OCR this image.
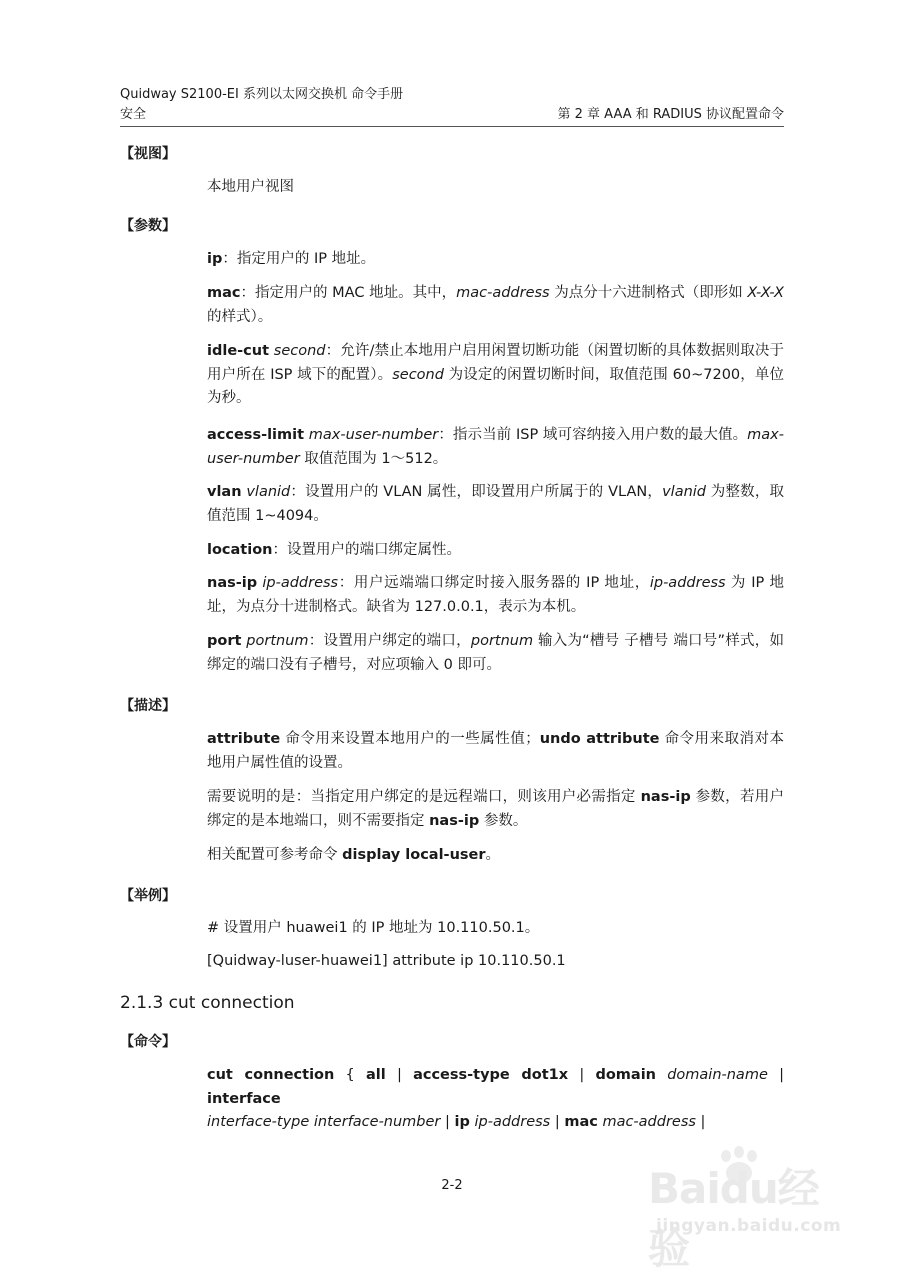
Quidway S2100-EI 系列以太网交换机 命令手册
安全	第 2 章 AAA 和 RADIUS 协议配置命令
【视图】
本地用户视图
【参数】
ip：指定用户的 IP 地址。
mac：指定用户的 MAC 地址。其中，mac-address 为点分十六进制格式（即形如 X-X-X 的样式）。
idle-cut second：允许/禁止本地用户启用闲置切断功能（闲置切断的具体数据则取决于用户所在 ISP 域下的配置）。second 为设定的闲置切断时间，取值范围 60~7200，单位为秒。
access-limit max-user-number：指示当前 ISP 域可容纳接入用户数的最大值。max-user-number 取值范围为 1～512。
vlan vlanid：设置用户的 VLAN 属性，即设置用户所属于的 VLAN，vlanid 为整数，取值范围 1~4094。
location：设置用户的端口绑定属性。
nas-ip ip-address：用户远端端口绑定时接入服务器的 IP 地址，ip-address 为 IP 地址，为点分十进制格式。缺省为 127.0.0.1，表示为本机。
port portnum：设置用户绑定的端口，portnum 输入为“槽号 子槽号 端口号”样式，如绑定的端口没有子槽号，对应项输入 0 即可。
【描述】
attribute 命令用来设置本地用户的一些属性值；undo attribute 命令用来取消对本地用户属性值的设置。
需要说明的是：当指定用户绑定的是远程端口，则该用户必需指定 nas-ip 参数，若用户绑定的是本地端口，则不需要指定 nas-ip 参数。
相关配置可参考命令 display local-user。
【举例】
# 设置用户 huawei1 的 IP 地址为 10.110.50.1。
[Quidway-luser-huawei1] attribute ip 10.110.50.1
2.1.3 cut connection
【命令】
cut connection { all | access-type dot1x | domain domain-name | interface
interface-type interface-number | ip ip-address | mac mac-address |
2-2	Baidu经验
jingyan.baidu.com
